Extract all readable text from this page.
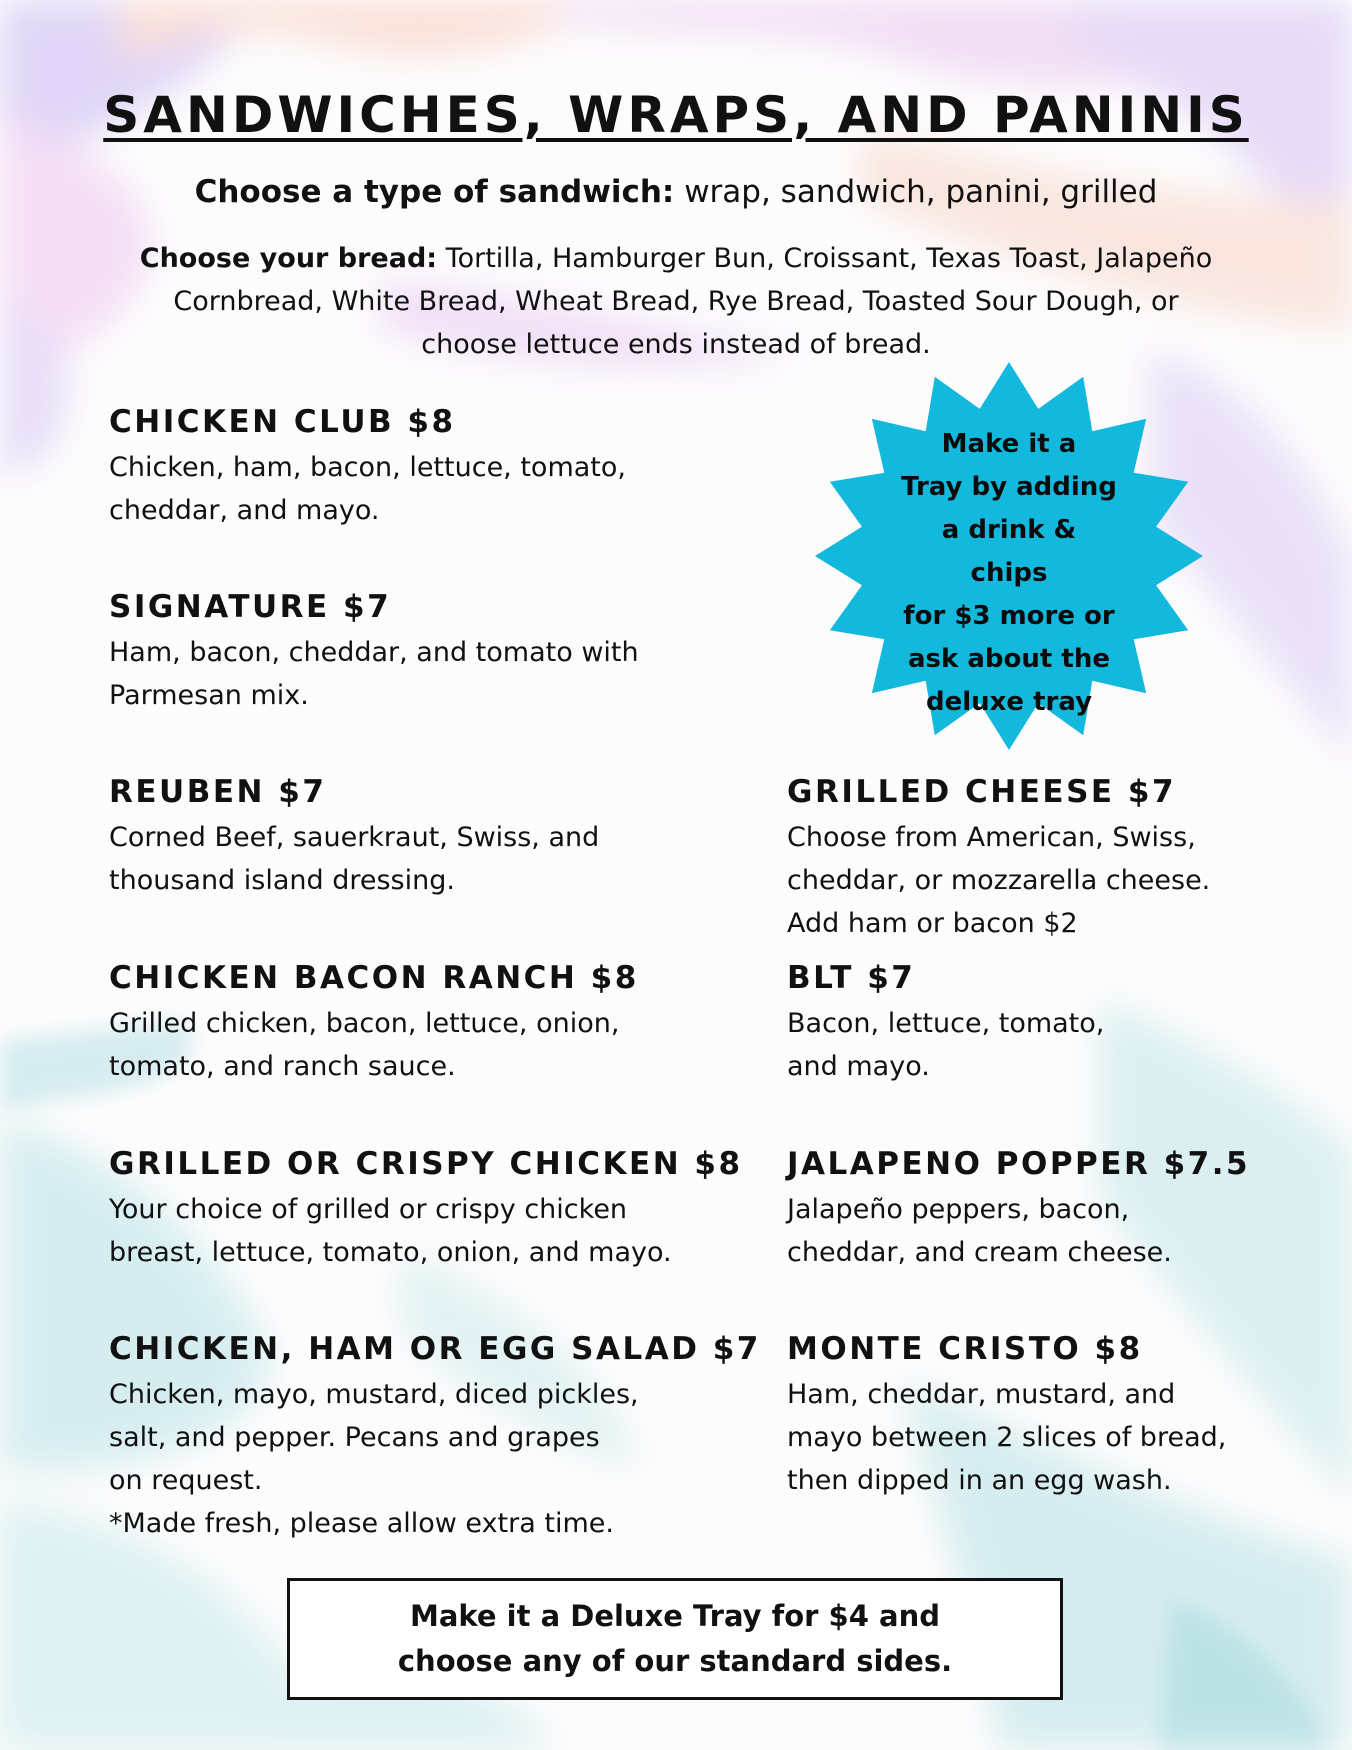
SANDWICHES, WRAPS, AND PANINIS

Choose a type of sandwich: wrap, sandwich, panini, grilled

Choose your bread: Tortilla, Hamburger Bun, Croissant, Texas Toast, Jalapeño Cornbread, White Bread, Wheat Bread, Rye Bread, Toasted Sour Dough, or choose lettuce ends instead of bread.

CHICKEN CLUB $8

Chicken, ham, bacon, lettuce, tomato,
cheddar, and mayo.

SIGNATURE $7

Ham, bacon, cheddar, and tomato with
Parmesan mix.

REUBEN $7

Corned Beef, sauerkraut, Swiss, and
thousand island dressing.

CHICKEN BACON RANCH $8

Grilled chicken, bacon, lettuce, onion,
tomato, and ranch sauce.

GRILLED OR CRISPY CHICKEN $8

Your choice of grilled or crispy chicken
breast, lettuce, tomato, onion, and mayo.

CHICKEN, HAM OR EGG SALAD $7

Chicken, mayo, mustard, diced pickles,
salt, and pepper. Pecans and grapes
on request.
*Made fresh, please allow extra time.

Make it a
Tray by adding
a drink & chips
for $3 more or
ask about the
deluxe tray
GRILLED CHEESE $7

Choose from American, Swiss,
cheddar, or mozzarella cheese.
Add ham or bacon $2

BLT $7

Bacon, lettuce, tomato,
and mayo.

JALAPENO POPPER $7.5

Jalapeño peppers, bacon,
cheddar, and cream cheese.

MONTE CRISTO $8

Ham, cheddar, mustard, and
mayo between 2 slices of bread,
then dipped in an egg wash.

Make it a Deluxe Tray for $4 and
choose any of our standard sides.
